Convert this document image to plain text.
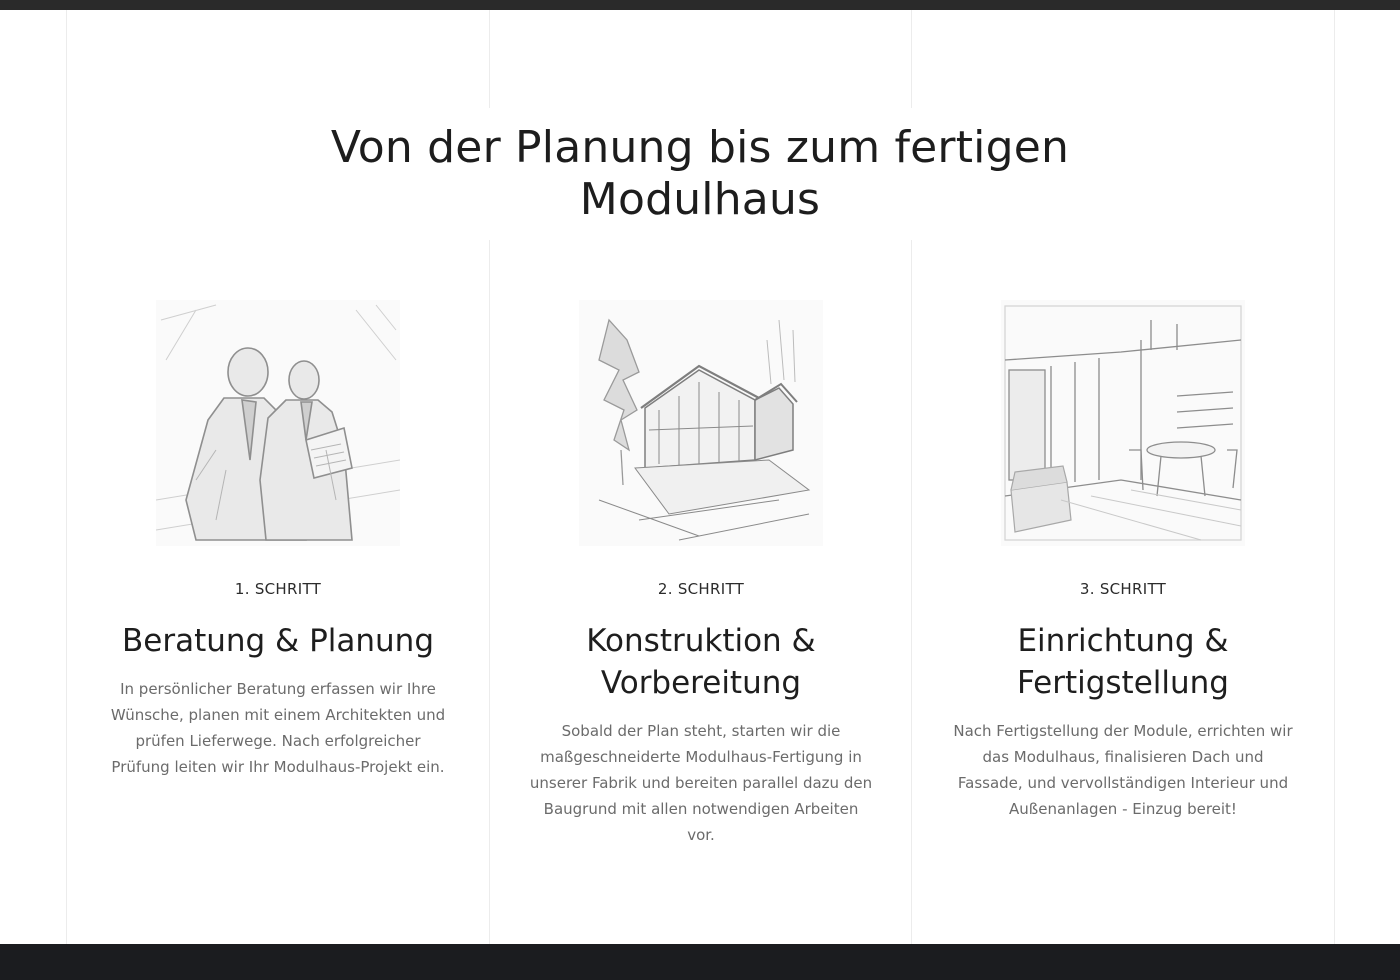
Von der Planung bis zum fertigen Modulhaus
1. SCHRITT
Beratung & Planung

In persönlicher Beratung erfassen wir Ihre Wünsche, planen mit einem Architekten und prüfen Lieferwege. Nach erfolgreicher Prüfung leiten wir Ihr Modulhaus-Projekt ein.

2. SCHRITT
Konstruktion & Vorbereitung

Sobald der Plan steht, starten wir die maßgeschneiderte Modulhaus-Fertigung in unserer Fabrik und bereiten parallel dazu den Baugrund mit allen notwendigen Arbeiten vor.

3. SCHRITT
Einrichtung & Fertigstellung

Nach Fertigstellung der Module, errichten wir das Modulhaus, finalisieren Dach und Fassade, und vervollständigen Interieur und Außenanlagen - Einzug bereit!
